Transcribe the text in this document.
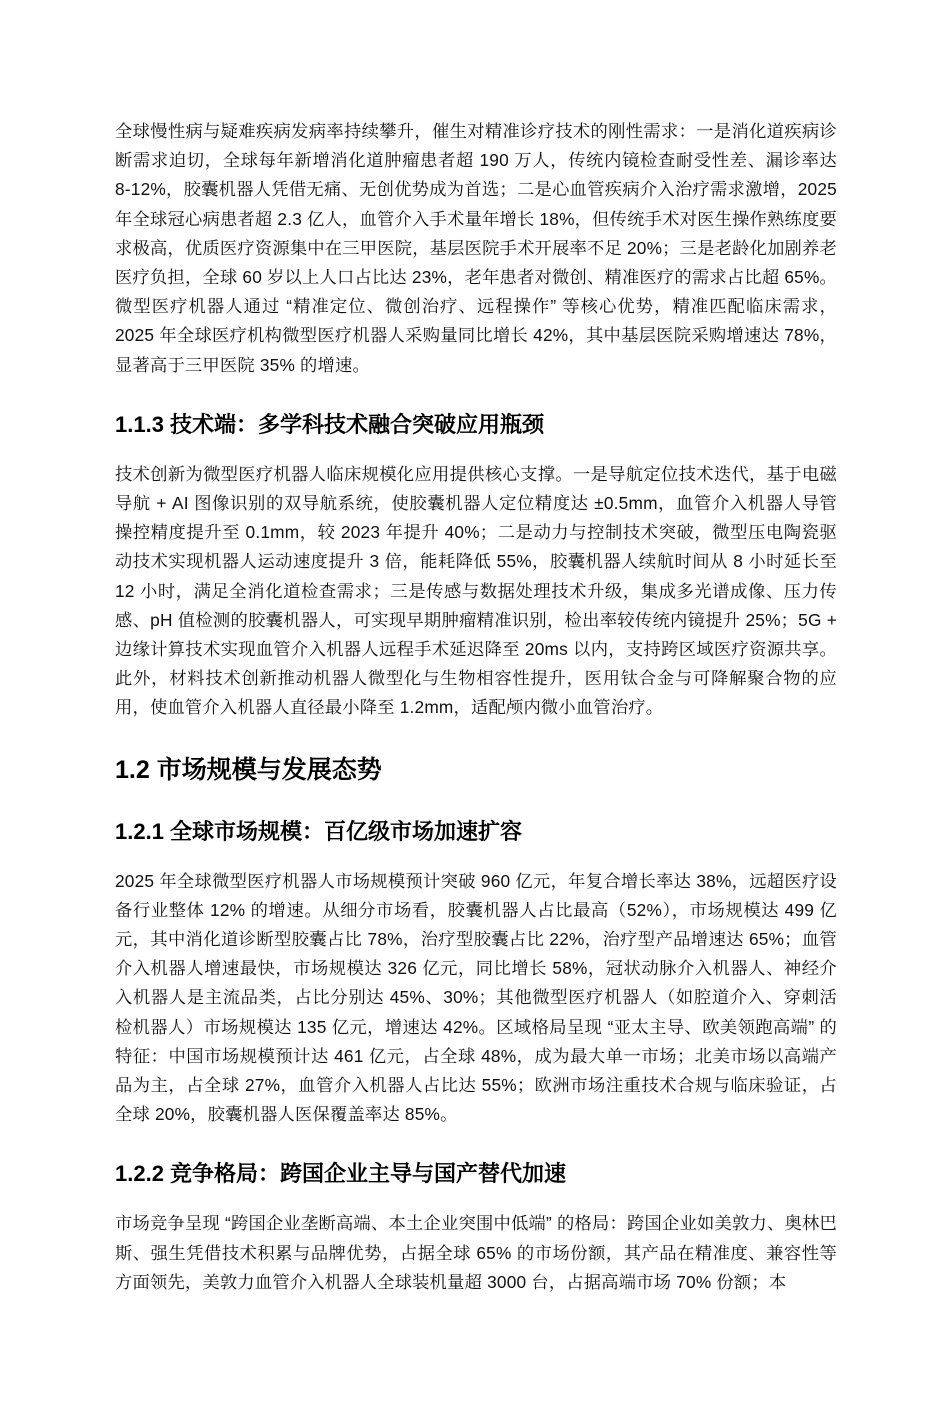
全球慢性病与疑难疾病发病率持续攀升，催生对精准诊疗技术的刚性需求：一是消化道疾病诊断需求迫切，全球每年新增消化道肿瘤患者超 190 万人，传统内镜检查耐受性差、漏诊率达 8-12%，胶囊机器人凭借无痛、无创优势成为首选；二是心血管疾病介入治疗需求激增，2025 年全球冠心病患者超 2.3 亿人，血管介入手术量年增长 18%，但传统手术对医生操作熟练度要求极高，优质医疗资源集中在三甲医院，基层医院手术开展率不足 20%；三是老龄化加剧养老医疗负担，全球 60 岁以上人口占比达 23%，老年患者对微创、精准医疗的需求占比超 65%。微型医疗机器人通过 “精准定位、微创治疗、远程操作” 等核心优势，精准匹配临床需求，2025 年全球医疗机构微型医疗机器人采购量同比增长 42%，其中基层医院采购增速达 78%，显著高于三甲医院 35% 的增速。

1.1.3 技术端：多学科技术融合突破应用瓶颈

技术创新为微型医疗机器人临床规模化应用提供核心支撑。一是导航定位技术迭代，基于电磁导航 + AI 图像识别的双导航系统，使胶囊机器人定位精度达 ±0.5mm，血管介入机器人导管操控精度提升至 0.1mm，较 2023 年提升 40%；二是动力与控制技术突破，微型压电陶瓷驱动技术实现机器人运动速度提升 3 倍，能耗降低 55%，胶囊机器人续航时间从 8 小时延长至 12 小时，满足全消化道检查需求；三是传感与数据处理技术升级，集成多光谱成像、压力传感、pH 值检测的胶囊机器人，可实现早期肿瘤精准识别，检出率较传统内镜提升 25%；5G + 边缘计算技术实现血管介入机器人远程手术延迟降至 20ms 以内，支持跨区域医疗资源共享。此外，材料技术创新推动机器人微型化与生物相容性提升，医用钛合金与可降解聚合物的应用，使血管介入机器人直径最小降至 1.2mm，适配颅内微小血管治疗。

1.2 市场规模与发展态势
1.2.1 全球市场规模：百亿级市场加速扩容

2025 年全球微型医疗机器人市场规模预计突破 960 亿元，年复合增长率达 38%，远超医疗设备行业整体 12% 的增速。从细分市场看，胶囊机器人占比最高（52%），市场规模达 499 亿元，其中消化道诊断型胶囊占比 78%，治疗型胶囊占比 22%，治疗型产品增速达 65%；血管介入机器人增速最快，市场规模达 326 亿元，同比增长 58%，冠状动脉介入机器人、神经介入机器人是主流品类，占比分别达 45%、30%；其他微型医疗机器人（如腔道介入、穿刺活检机器人）市场规模达 135 亿元，增速达 42%。区域格局呈现 “亚太主导、欧美领跑高端” 的特征：中国市场规模预计达 461 亿元，占全球 48%，成为最大单一市场；北美市场以高端产品为主，占全球 27%，血管介入机器人占比达 55%；欧洲市场注重技术合规与临床验证，占全球 20%，胶囊机器人医保覆盖率达 85%。

1.2.2 竞争格局：跨国企业主导与国产替代加速

市场竞争呈现 “跨国企业垄断高端、本土企业突围中低端” 的格局：跨国企业如美敦力、奥林巴斯、强生凭借技术积累与品牌优势，占据全球 65% 的市场份额，其产品在精准度、兼容性等方面领先，美敦力血管介入机器人全球装机量超 3000 台，占据高端市场 70% 份额；本
